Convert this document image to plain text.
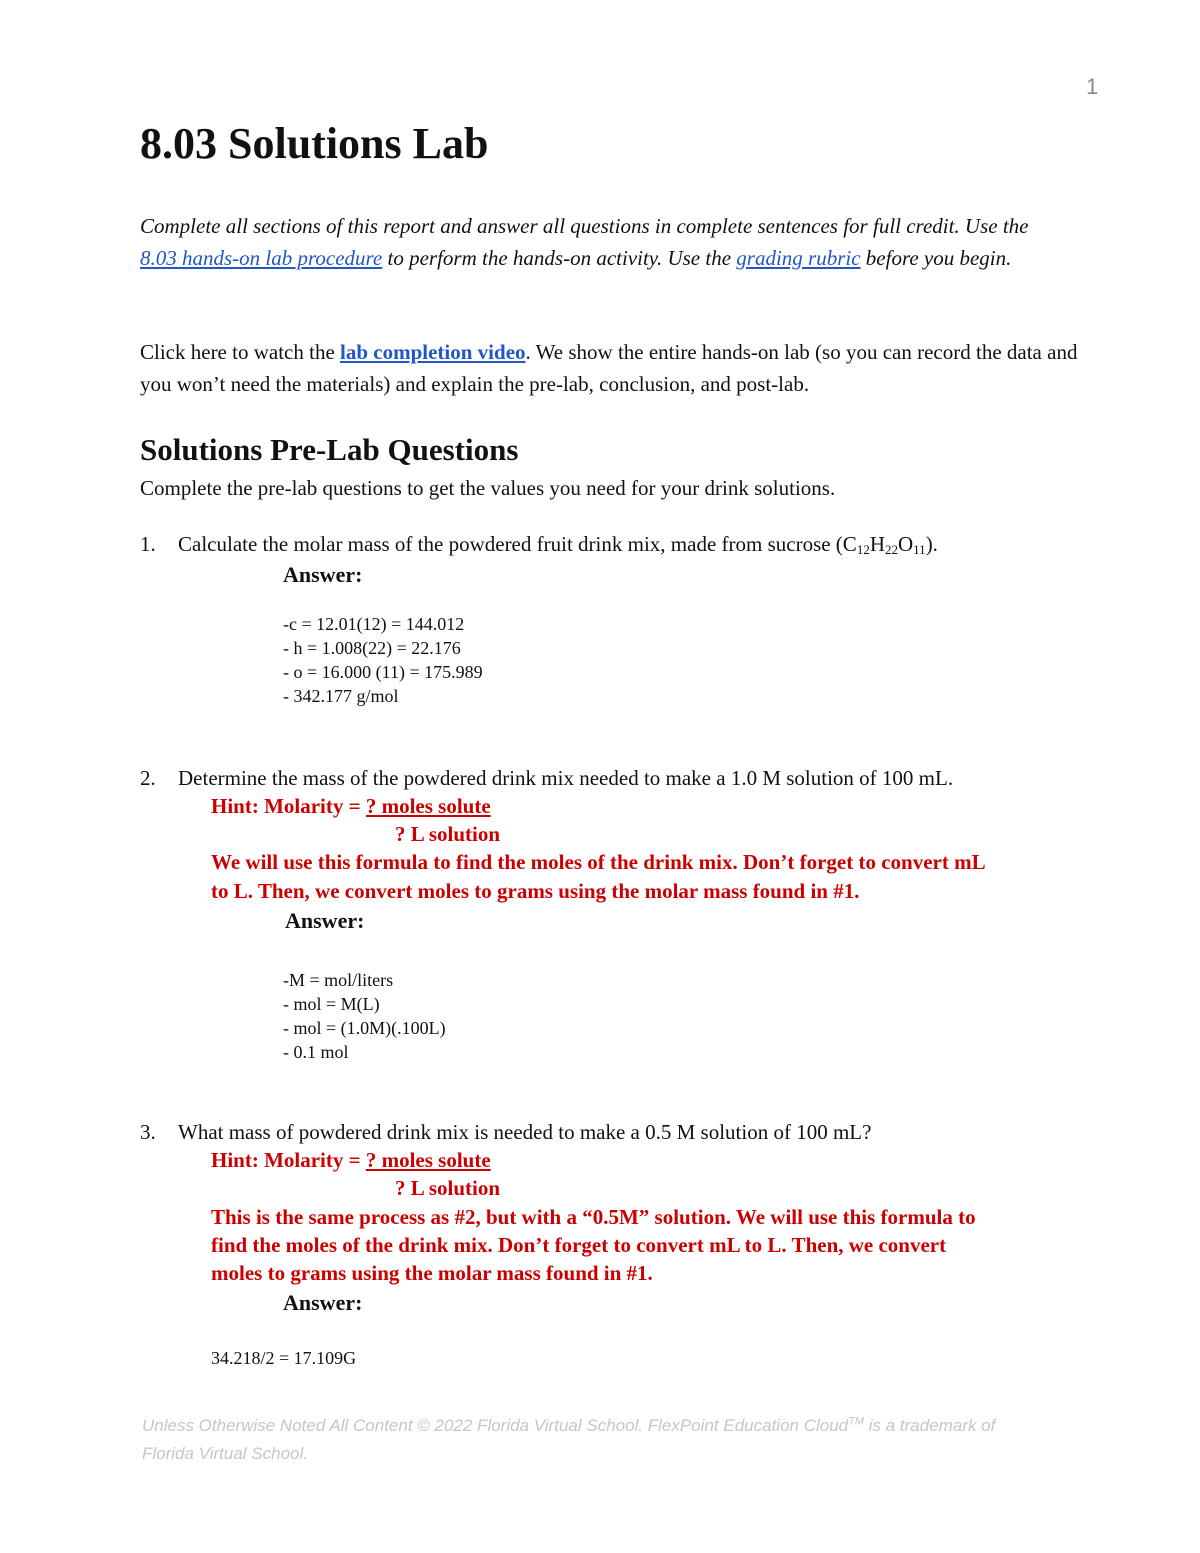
1
8.03 Solutions Lab
Complete all sections of this report and answer all questions in complete sentences for full credit. Use the 8.03 hands-on lab procedure to perform the hands-on activity. Use the grading rubric before you begin.
Click here to watch the lab completion video. We show the entire hands-on lab (so you can record the data and you won’t need the materials) and explain the pre-lab, conclusion, and post-lab.
Solutions Pre-Lab Questions
Complete the pre-lab questions to get the values you need for your drink solutions.
1. Calculate the molar mass of the powdered fruit drink mix, made from sucrose $(C_{12}H_{22}O_{11})$.
Answer:
-c = 12.01(12) = 144.012
- h = 1.008(22) = 22.176
- o = 16.000 (11) = 175.989
- 342.177 g/mol
2. Determine the mass of the powdered drink mix needed to make a 1.0 M solution of 100 mL.
Hint: Molarity = ? moles solute
? L solution
We will use this formula to find the moles of the drink mix. Don’t forget to convert mL
to L. Then, we convert moles to grams using the molar mass found in #1.
Answer:
-M = mol/liters
- mol = M(L)
- mol = (1.0M)(.100L)
- 0.1 mol
3. What mass of powdered drink mix is needed to make a 0.5 M solution of 100 mL?
Hint: Molarity = ? moles solute
? L solution
This is the same process as #2, but with a “0.5M” solution. We will use this formula to
find the moles of the drink mix. Don’t forget to convert mL to L. Then, we convert
moles to grams using the molar mass found in #1.
Answer:
34.218/2 = 17.109G
Unless Otherwise Noted All Content © 2022 Florida Virtual School. FlexPoint Education Cloud™ is a trademark of Florida Virtual School.
